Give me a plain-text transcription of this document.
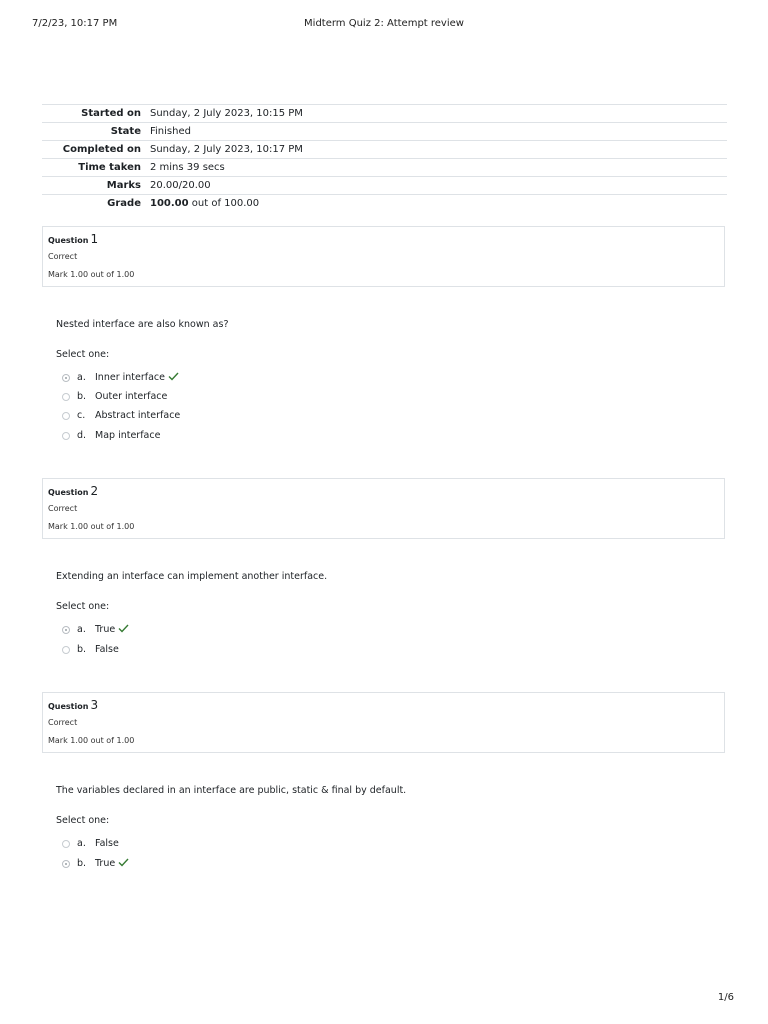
7/2/23, 10:17 PM	Midterm Quiz 2: Attempt review
Started on	Sunday, 2 July 2023, 10:15 PM
State	Finished
Completed on	Sunday, 2 July 2023, 10:17 PM
Time taken	2 mins 39 secs
Marks	20.00/20.00
Grade	100.00 out of 100.00
Question 1
Correct
Mark 1.00 out of 1.00
Nested interface are also known as?
Select one:
a. Inner interface
b. Outer interface
c. Abstract interface
d. Map interface
Question 2
Correct
Mark 1.00 out of 1.00
Extending an interface can implement another interface.
Select one:
a. True
b. False
Question 3
Correct
Mark 1.00 out of 1.00
The variables declared in an interface are public, static & final by default.
Select one:
a. False
b. True
1/6
